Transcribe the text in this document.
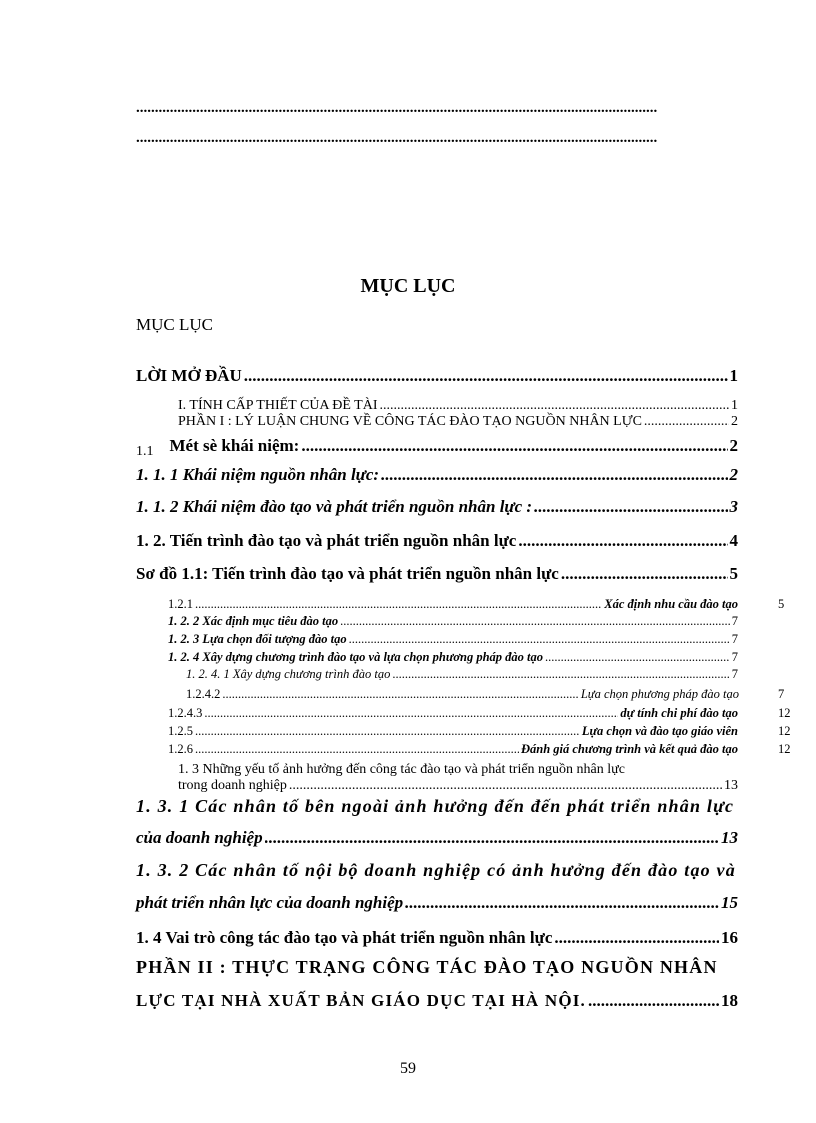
...........................................................................................................................................
...........................................................................................................................................
MỤC LỤC
MỤC LỤC
LỜI MỞ ĐẦU .....	1
I. TÍNH CẤP THIẾT CỦA ĐỀ TÀI .....	1
PHẦN I : LÝ LUẬN CHUNG VỀ CÔNG TÁC ĐÀO TẠO NGUỒN NHÂN LỰC .....	2
1.1 Mét sè khái niệm: .....	2
1. 1. 1 Khái niệm nguồn nhân lực: .....	2
1. 1. 2 Khái niệm đào tạo và phát triển nguồn nhân lực : .....	3
1. 2. Tiến trình đào tạo và phát triển nguồn nhân lực .....	4
Sơ đồ 1.1: Tiến trình đào tạo và phát triển nguồn nhân lực .....	5
1.2.1 .....	Xác định nhu cầu đào tạo	5
1. 2. 2 Xác định mục tiêu đào tạo .....	7
1. 2. 3 Lựa chọn đối tượng đào tạo .....	7
1. 2. 4 Xây dựng chương trình đào tạo và lựa chọn phương pháp đào tạo .....	7
1. 2. 4. 1 Xây dựng chương trình đào tạo .....	7
1.2.4.2 .....	Lựa chọn phương pháp đào tạo	7
1.2.4.3 .....	dự tính chi phí đào tạo	12
1.2.5 .....	Lựa chọn và đào tạo giáo viên	12
1.2.6 .....	Đánh giá chương trình và kết quả đào tạo	12
1. 3 Những yếu tố ảnh hưởng đến công tác đào tạo và phát triển nguồn nhân lực
trong doanh nghiệp .....	13
1. 3. 1 Các nhân tố bên ngoài ảnh hưởng đến đến phát triển nhân lực
của doanh nghiệp .....	13
1. 3. 2 Các nhân tố nội bộ doanh nghiệp có ảnh hưởng đến đào tạo và
phát triển nhân lực của doanh nghiệp .....	15
1. 4 Vai trò công tác đào tạo và phát triển nguồn nhân lực .....	16
PHẦN II : THỰC TRẠNG CÔNG TÁC ĐÀO TẠO NGUỒN NHÂN
LỰC TẠI NHÀ XUẤT BẢN GIÁO DỤC TẠI HÀ NỘI. .....	18
59
